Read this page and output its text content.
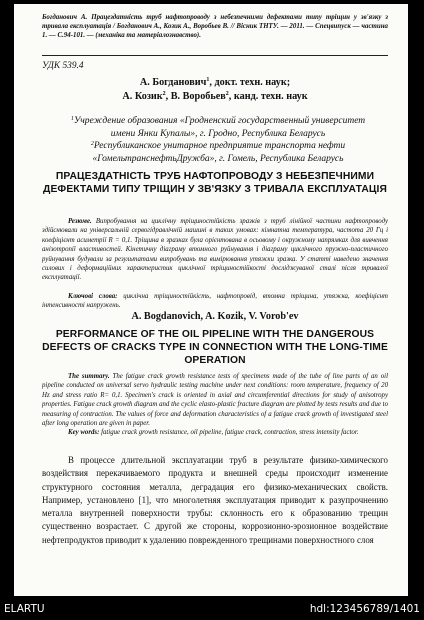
Богданович А. Працездатність труб нафтопроводу з небезпечними дефектами типу тріщин у зв'язку з тривала експлуатація / Богданович А., Козик А., Воробьев В. // Вісник ТНТУ. — 2011. — Спецвипуск — частина 1. — С.94-101. — (механіка та матеріалознавство).
УДК 539.4
А. Богданович$^1$, докт. техн. наук;
А. Козик$^2$, В. Воробьев$^2$, канд. техн. наук
$^1$Учреждение образования «Гродненский государственный университет имени Янки Купалы», г. Гродно, Республика Беларусь
$^2$Республиканское унитарное предприятие транспорта нефти «ГомельтранснефтьДружба», г. Гомель, Республика Беларусь
ПРАЦЕЗДАТНІСТЬ ТРУБ НАФТОПРОВОДУ З НЕБЕЗПЕЧНИМИ ДЕФЕКТАМИ ТИПУ ТРІЩИН У ЗВ'ЯЗКУ З ТРИВАЛА ЕКСПЛУАТАЦІЯ
Резюме. Випробування на циклічну тріщиностійкість зразків з труб лінійної частини нафтопроводу здійснювали на універсальній сервогідравлічній машині в таких умовах: кімнатна температура, частота 20 Гц і коефіцієнт асиметрії R = 0,1. Тріщина в зразках була орієнтована в осьовому і окружному напрямках для вивчення анізотропії властивостей. Кінетичну діаграму втомного руйнування і діаграму циклічного пружно-пластичного руйнування будували за результатами випробувань та вимірювання утяжки зразка. У статті наведено значення силових і деформаційних характеристик циклічної тріщиностійкості досліджуваної сталі після тривалої експлуатації.
Ключові слова: циклічна тріщиностійкість, нафтопровід, втомна тріщина, утяжка, коефіцієнт інтенсивності напружень.
A. Bogdanovich, A. Kozik, V. Vorob'ev
PERFORMANCE OF THE OIL PIPELINE WITH THE DANGEROUS DEFECTS OF CRACKS TYPE IN CONNECTION WITH THE LONG-TIME OPERATION
The summary. The fatigue crack growth resistance tests of specimens made of the tube of line parts of an oil pipeline conducted on universal servo hydraulic testing machine under next conditions: room temperature, frequency of 20 Hz and stress ratio R= 0,1. Specimen's crack is oriented in axial and circumferential directions for study of anisotropy properties. Fatigue crack growth diagram and the cyclic elasto-plastic fracture diagram are plotted by tests results and due to measuring of contraction. The values of force and deformation characteristics of a fatigue crack growth of investigated steel after long operation are given in paper.
Key words: fatigue crack growth resistance, oil pipeline, fatigue crack, contraction, stress intensity factor.
В процессе длительной эксплуатации труб в результате физико-химического воздействия перекачиваемого продукта и внешней среды происходит изменение структурного состояния металла, деградация его физико-механических свойств. Например, установлено [1], что многолетняя эксплуатация приводит к разупрочнению металла внутренней поверхности трубы: склонность его к образованию трещин существенно возрастает. С другой же стороны, коррозионно-эрозионное воздействие нефтепродуктов приводит к удалению поврежденного трещинами поверхностного слоя
ELARTU	hdl:123456789/1401
